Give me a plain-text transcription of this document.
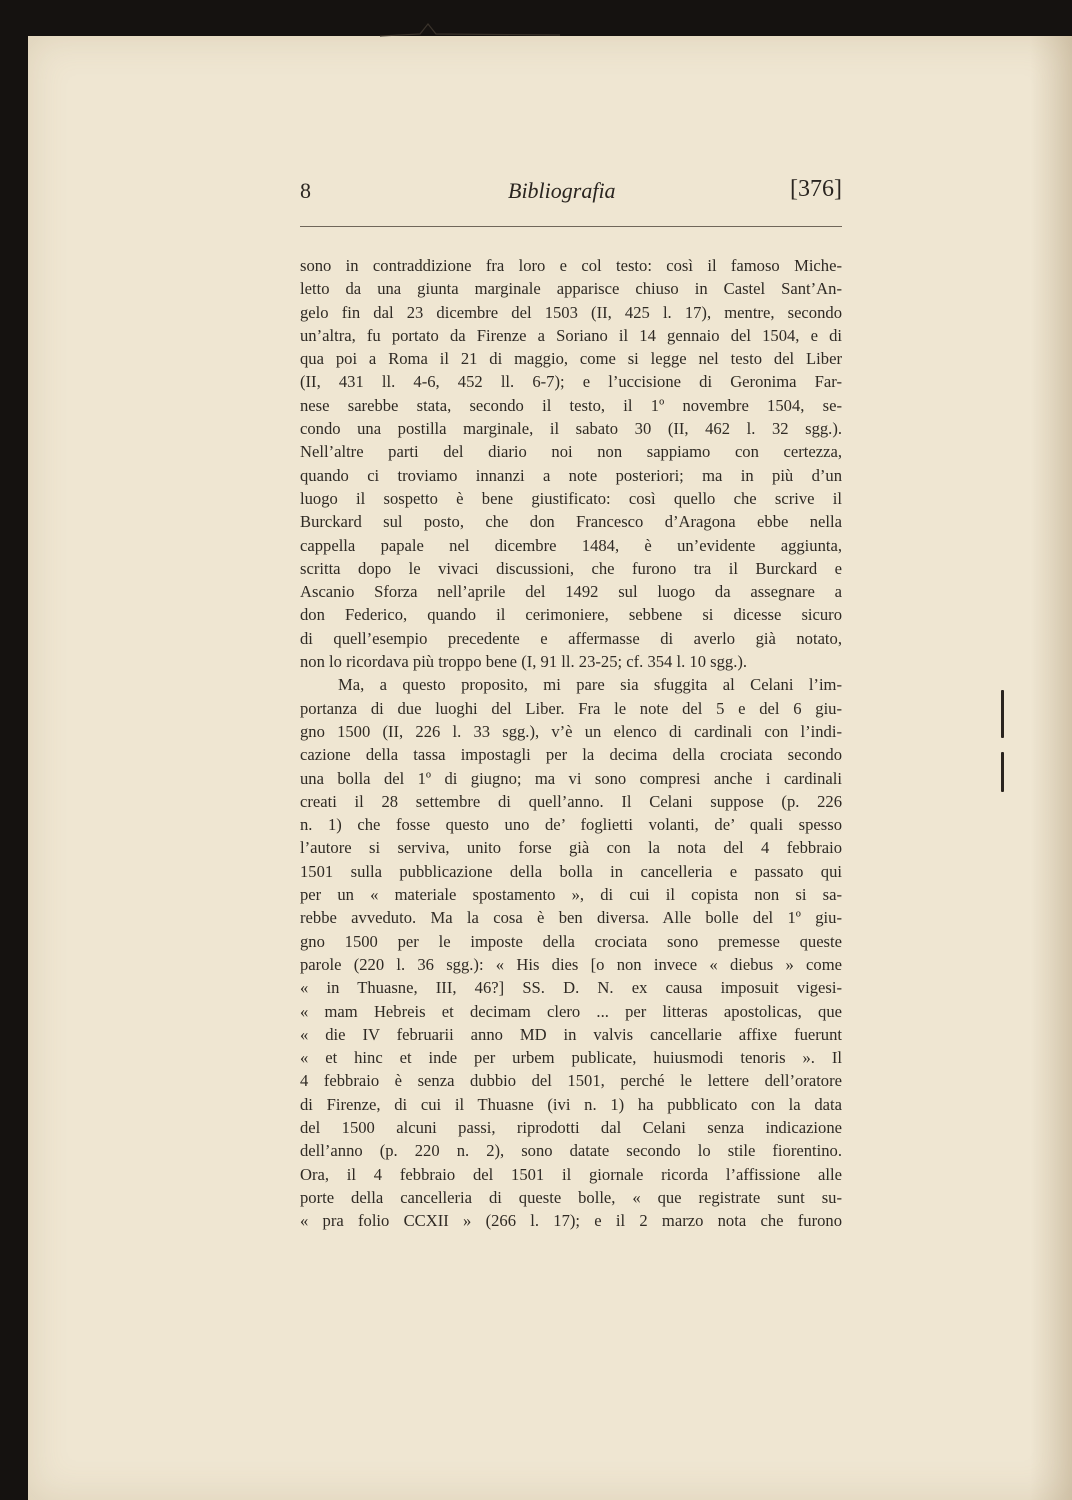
8	Bibliografia	[376]
sono in contraddizione fra loro e col testo: così il famoso Miche-
letto da una giunta marginale apparisce chiuso in Castel Sant’An-
gelo fin dal 23 dicembre del 1503 (II, 425 l. 17), mentre, secondo
un’altra, fu portato da Firenze a Soriano il 14 gennaio del 1504, e di
qua poi a Roma il 21 di maggio, come si legge nel testo del Liber
(II, 431 ll. 4-6, 452 ll. 6-7); e l’uccisione di Geronima Far-
nese sarebbe stata, secondo il testo, il 1º novembre 1504, se-
condo una postilla marginale, il sabato 30 (II, 462 l. 32 sgg.).
Nell’altre parti del diario noi non sappiamo con certezza,
quando ci troviamo innanzi a note posteriori; ma in più d’un
luogo il sospetto è bene giustificato: così quello che scrive il
Burckard sul posto, che don Francesco d’Aragona ebbe nella
cappella papale nel dicembre 1484, è un’evidente aggiunta,
scritta dopo le vivaci discussioni, che furono tra il Burckard e
Ascanio Sforza nell’aprile del 1492 sul luogo da assegnare a
don Federico, quando il cerimoniere, sebbene si dicesse sicuro
di quell’esempio precedente e affermasse di averlo già notato,
non lo ricordava più troppo bene (I, 91 ll. 23-25; cf. 354 l. 10 sgg.).
Ma, a questo proposito, mi pare sia sfuggita al Celani l’im-
portanza di due luoghi del Liber. Fra le note del 5 e del 6 giu-
gno 1500 (II, 226 l. 33 sgg.), v’è un elenco di cardinali con l’indi-
cazione della tassa impostagli per la decima della crociata secondo
una bolla del 1º di giugno; ma vi sono compresi anche i cardinali
creati il 28 settembre di quell’anno. Il Celani suppose (p. 226
n. 1) che fosse questo uno de’ foglietti volanti, de’ quali spesso
l’autore si serviva, unito forse già con la nota del 4 febbraio
1501 sulla pubblicazione della bolla in cancelleria e passato qui
per un « materiale spostamento », di cui il copista non si sa-
rebbe avveduto. Ma la cosa è ben diversa. Alle bolle del 1º giu-
gno 1500 per le imposte della crociata sono premesse queste
parole (220 l. 36 sgg.): « His dies [o non invece « diebus » come
« in Thuasne, III, 46?] SS. D. N. ex causa imposuit vigesi-
« mam Hebreis et decimam clero ... per litteras apostolicas, que
« die IV februarii anno MD in valvis cancellarie affixe fuerunt
« et hinc et inde per urbem publicate, huiusmodi tenoris ». Il
4 febbraio è senza dubbio del 1501, perché le lettere dell’oratore
di Firenze, di cui il Thuasne (ivi n. 1) ha pubblicato con la data
del 1500 alcuni passi, riprodotti dal Celani senza indicazione
dell’anno (p. 220 n. 2), sono datate secondo lo stile fiorentino.
Ora, il 4 febbraio del 1501 il giornale ricorda l’affissione alle
porte della cancelleria di queste bolle, « que registrate sunt su-
« pra folio CCXII » (266 l. 17); e il 2 marzo nota che furono
